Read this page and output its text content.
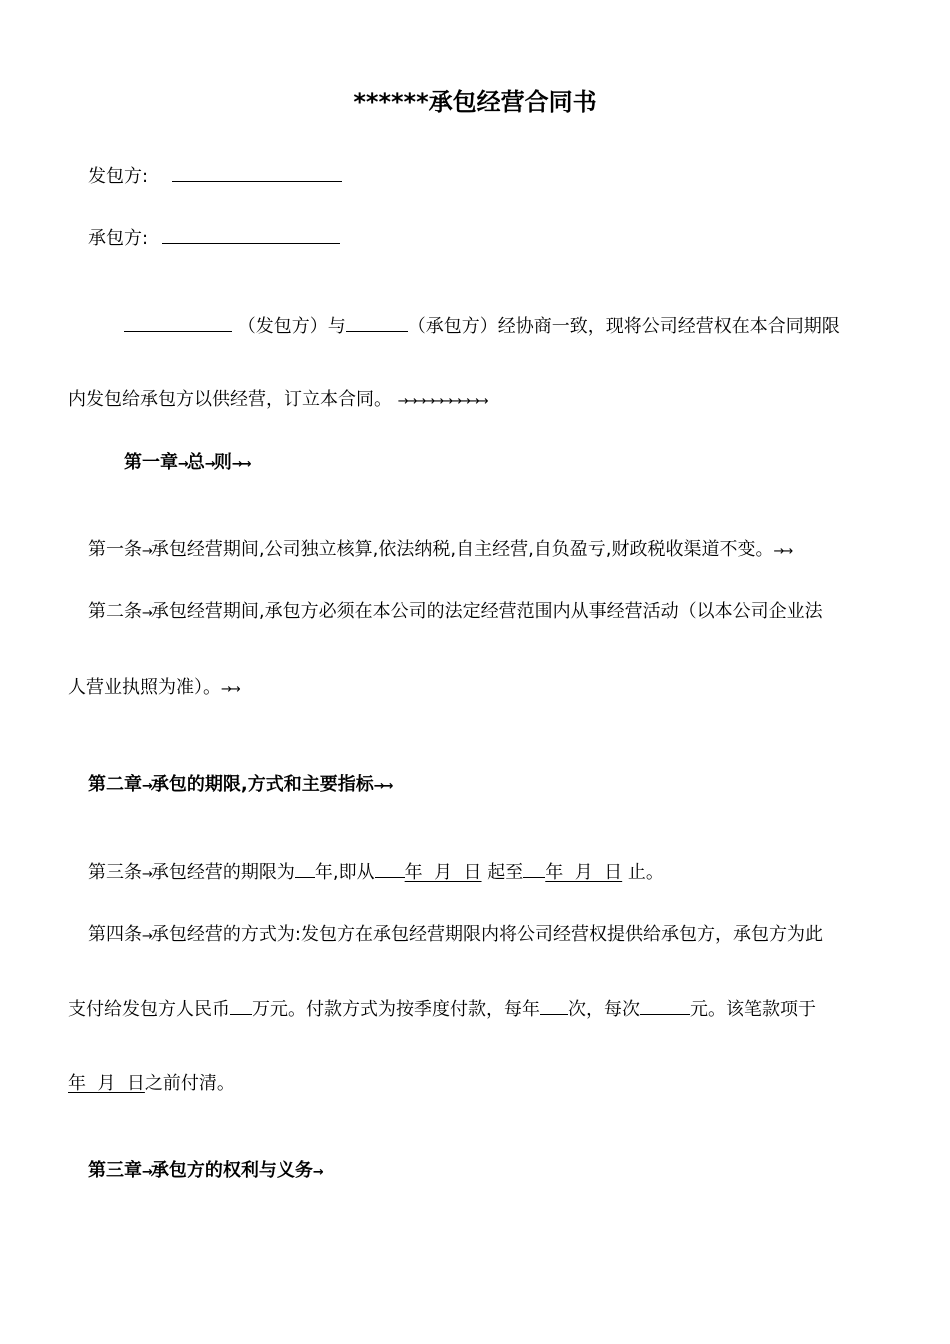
******承包经营合同书
发包方:
承包方:
（发包方）与	（承包方）经协商一致，现将公司经营权在本合同期限
内发包给承包方以供经营，订立本合同。 →→→→→→→→→→
第一章→总→则→→
第一条→承包经营期间,公司独立核算,依法纳税,自主经营,自负盈亏,财政税收渠道不变。→→
第二条→承包经营期间,承包方必须在本公司的法定经营范围内从事经营活动（以本公司企业法
人营业执照为准）。→→
第二章→承包的期限,方式和主要指标→→
第三条→承包经营的期限为 年,即从 年  月  日 起至 年  月  日 止。
第四条→承包经营的方式为:发包方在承包经营期限内将公司经营权提供给承包方，承包方为此
支付给发包方人民币 万元。付款方式为按季度付款，每年 次，每次	元。该笔款项于
年  月  日之前付清。
第三章→承包方的权利与义务→
